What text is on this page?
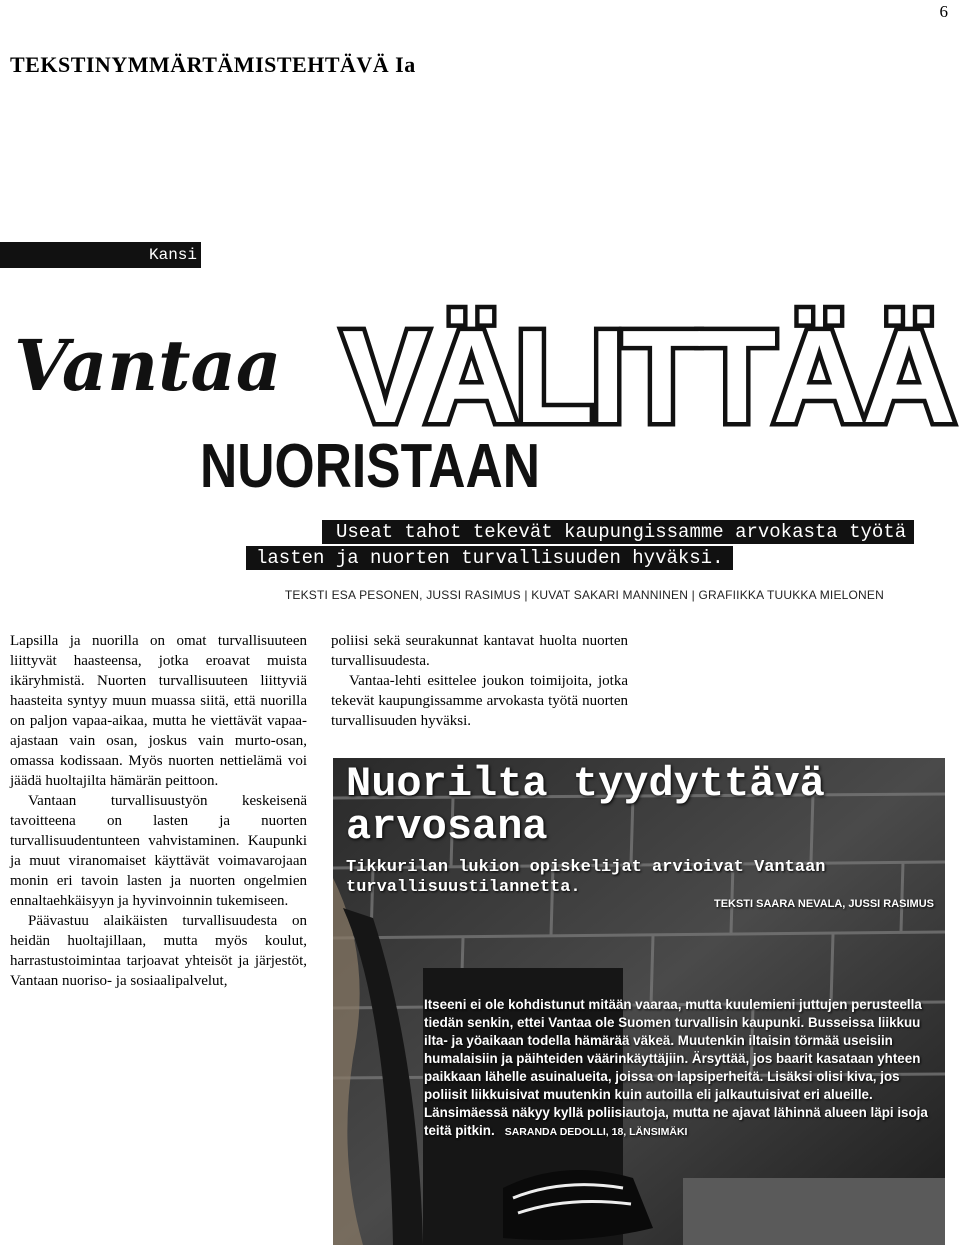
6
TEKSTINYMMÄRTÄMISTEHTÄVÄ Ia
Kansi
Vantaa VÄLITTÄÄ
NUORISTAAN
Useat tahot tekevät kaupungissamme arvokasta työtä
lasten ja nuorten turvallisuuden hyväksi.
TEKSTI ESA PESONEN, JUSSI RASIMUS | KUVAT SAKARI MANNINEN | GRAFIIKKA TUUKKA MIELONEN

Lapsilla ja nuorilla on omat turvallisuuteen liittyvät haasteensa, jotka eroavat muista ikäryhmistä. Nuorten turvallisuuteen liittyviä haasteita syntyy muun muassa siitä, että nuorilla on paljon vapaa-aikaa, mutta he viettävät vapaa-ajastaan vain osan, joskus vain murto-osan, omassa kodissaan. Myös nuorten nettielämä voi jäädä huoltajilta hämärän peittoon.

Vantaan turvallisuustyön keskeisenä tavoitteena on lasten ja nuorten turvallisuudentunteen vahvistaminen. Kaupunki ja muut viranomaiset käyttävät voimavarojaan monin eri tavoin lasten ja nuorten ongelmien ennaltaehkäisyyn ja hyvinvoinnin tukemiseen.

Päävastuu alaikäisten turvallisuudesta on heidän huoltajillaan, mutta myös koulut, harrastustoimintaa tarjoavat yhteisöt ja järjestöt, Vantaan nuoriso- ja sosiaalipalvelut,

poliisi sekä seurakunnat kantavat huolta nuorten turvallisuudesta.

Vantaa-lehti esittelee joukon toimijoita, jotka tekevät kaupungissamme arvokasta työtä nuorten turvallisuuden hyväksi.

Nuorilta tyydyttävä
arvosana
Tikkurilan lukion opiskelijat arvioivat Vantaan
turvallisuustilannetta.
TEKSTI SAARA NEVALA, JUSSI RASIMUS
Itseeni ei ole kohdistunut mitään vaaraa, mutta kuulemieni juttujen perusteella tiedän senkin, ettei Vantaa ole Suomen turvallisin kaupunki. Busseissa liikkuu ilta- ja yöaikaan todella hämärää väkeä. Muutenkin iltaisin törmää useisiin humalaisiin ja päihteiden väärinkäyttäjiin. Ärsyttää, jos baarit kasataan yhteen paikkaan lähelle asuinalueita, joissa on lapsiperheitä. Lisäksi olisi kiva, jos poliisit liikkuisivat muutenkin kuin autoilla eli jalkautuisivat eri alueille. Länsimäessä näkyy kyllä poliisiautoja, mutta ne ajavat lähinnä alueen läpi isoja teitä pitkin. SARANDA DEDOLLI, 18, LÄNSIMÄKI
